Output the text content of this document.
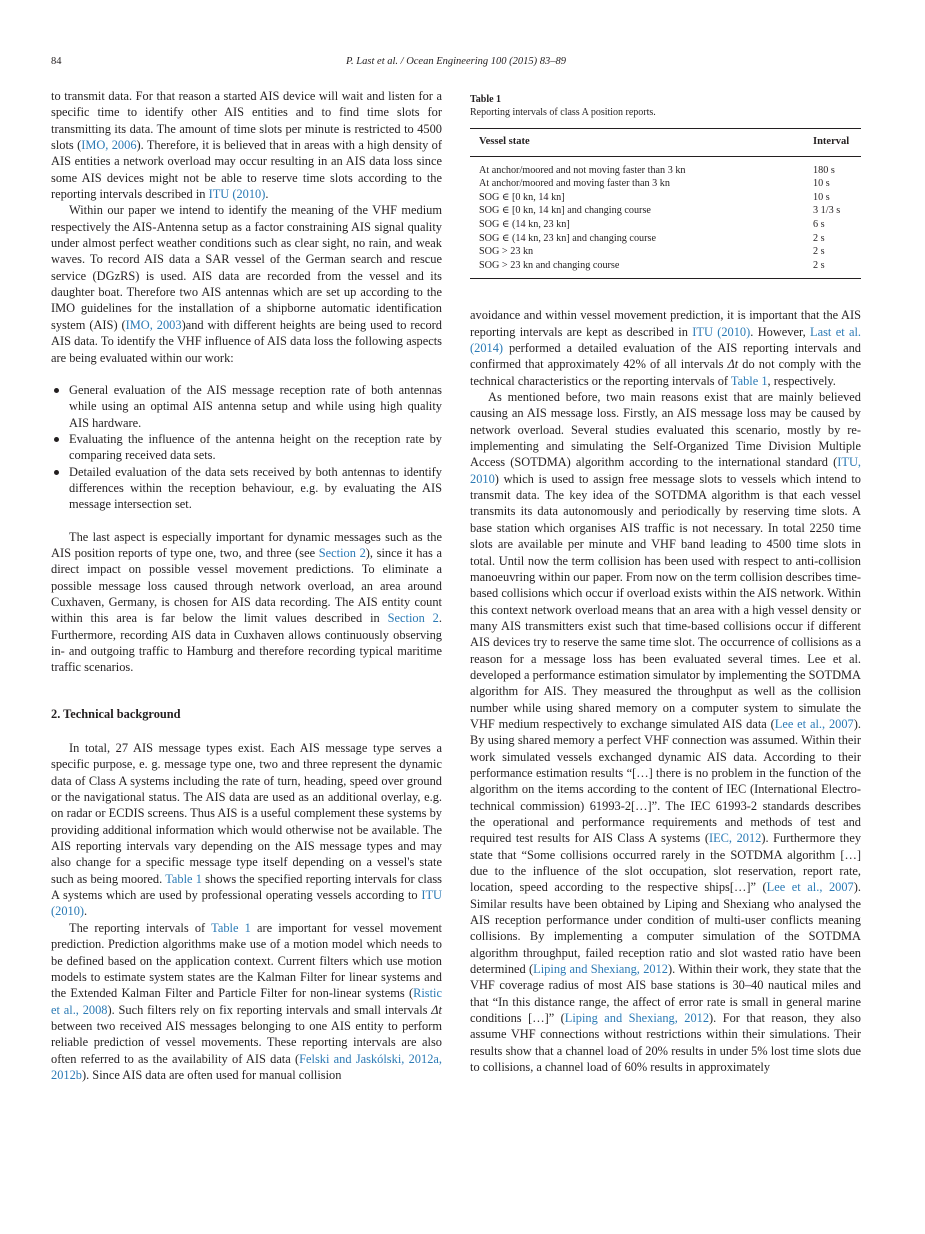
84	P. Last et al. / Ocean Engineering 100 (2015) 83–89

to transmit data. For that reason a started AIS device will wait and listen for a specific time to identify other AIS entities and to find time slots for transmitting its data. The amount of time slots per minute is restricted to 4500 slots (IMO, 2006). Therefore, it is believed that in areas with a high density of AIS entities a network overload may occur resulting in an AIS data loss since some AIS devices might not be able to reserve time slots according to the reporting intervals described in ITU (2010).

Within our paper we intend to identify the meaning of the VHF medium respectively the AIS-Antenna setup as a factor constraining AIS signal quality under almost perfect weather conditions such as clear sight, no rain, and weak waves. To record AIS data a SAR vessel of the German search and rescue service (DGzRS) is used. AIS data are recorded from the vessel and its daughter boat. Therefore two AIS antennas which are set up according to the IMO guidelines for the installation of a shipborne automatic identification system (AIS) (IMO, 2003)and with different heights are being used to record AIS data. To identify the VHF influence of AIS data loss the following aspects are being evaluated within our work:

General evaluation of the AIS message reception rate of both antennas while using an optimal AIS antenna setup and while using high quality AIS hardware.
Evaluating the influence of the antenna height on the reception rate by comparing received data sets.
Detailed evaluation of the data sets received by both antennas to identify differences within the reception behaviour, e.g. by evaluating the AIS message intersection set.

The last aspect is especially important for dynamic messages such as the AIS position reports of type one, two, and three (see Section 2), since it has a direct impact on possible vessel movement predictions. To eliminate a possible message loss caused through network overload, an area around Cuxhaven, Germany, is chosen for AIS data recording. The AIS entity count within this area is far below the limit values described in Section 2. Furthermore, recording AIS data in Cuxhaven allows continuously observing in- and outgoing traffic to Hamburg and therefore recording typical maritime traffic scenarios.

2. Technical background

In total, 27 AIS message types exist. Each AIS message type serves a specific purpose, e. g. message type one, two and three represent the dynamic data of Class A systems including the rate of turn, heading, speed over ground or the navigational status. The AIS data are used as an additional overlay, e.g. on radar or ECDIS screens. Thus AIS is a useful complement these systems by providing additional information which would otherwise not be available. The AIS reporting intervals vary depending on the AIS message types and may also change for a specific message type itself depending on a vessel's state such as being moored. Table 1 shows the specified reporting intervals for class A systems which are used by professional operating vessels according to ITU (2010).

The reporting intervals of Table 1 are important for vessel movement prediction. Prediction algorithms make use of a motion model which needs to be defined based on the application context. Current filters which use motion models to estimate system states are the Kalman Filter for linear systems and the Extended Kalman Filter and Particle Filter for non-linear systems (Ristic et al., 2008). Such filters rely on fix reporting intervals and small intervals Δt between two received AIS messages belonging to one AIS entity to perform reliable prediction of vessel movements. These reporting intervals are also often referred to as the availability of AIS data (Felski and Jaskólski, 2012a, 2012b). Since AIS data are often used for manual collision

Table 1
Reporting intervals of class A position reports.
Vessel state	Interval
At anchor/moored and not moving faster than 3 kn	180 s
At anchor/moored and moving faster than 3 kn	10 s
SOG ∈ [0 kn, 14 kn]	10 s
SOG ∈ [0 kn, 14 kn] and changing course	3 1/3 s
SOG ∈ (14 kn, 23 kn]	6 s
SOG ∈ (14 kn, 23 kn] and changing course	2 s
SOG > 23 kn	2 s
SOG > 23 kn and changing course	2 s

avoidance and within vessel movement prediction, it is important that the AIS reporting intervals are kept as described in ITU (2010). However, Last et al. (2014) performed a detailed evaluation of the AIS reporting intervals and confirmed that approximately 42% of all intervals Δt do not comply with the technical characteristics or the reporting intervals of Table 1, respectively.

As mentioned before, two main reasons exist that are mainly believed causing an AIS message loss. Firstly, an AIS message loss may be caused by network overload. Several studies evaluated this scenario, mostly by re-implementing and simulating the Self-Organized Time Division Multiple Access (SOTDMA) algorithm according to the international standard (ITU, 2010) which is used to assign free message slots to vessels which intend to transmit data. The key idea of the SOTDMA algorithm is that each vessel transmits its data autonomously and periodically by reserving time slots. A base station which organises AIS traffic is not necessary. In total 2250 time slots are available per minute and VHF band leading to 4500 time slots in total. Until now the term collision has been used with respect to anti-collision manoeuvring within our paper. From now on the term collision describes time-based collisions which occur if overload exists within the AIS network. Within this context network overload means that an area with a high vessel density or many AIS transmitters exist such that time-based collisions occur if different AIS devices try to reserve the same time slot. The occurrence of collisions as a reason for a message loss has been evaluated several times. Lee et al. developed a performance estimation simulator by implementing the SOTDMA algorithm for AIS. They measured the throughput as well as the collision number while using shared memory on a computer system to simulate the VHF medium respectively to exchange simulated AIS data (Lee et al., 2007). By using shared memory a perfect VHF connection was assumed. Within their work simulated vessels exchanged dynamic AIS data. According to their performance estimation results “[…] there is no problem in the function of the algorithm on the items according to the content of IEC (International Electro-technical commission) 61993-2[…]”. The IEC 61993-2 standards describes the operational and performance requirements and methods of test and required test results for AIS Class A systems (IEC, 2012). Furthermore they state that “Some collisions occurred rarely in the SOTDMA algorithm […] due to the influence of the slot occupation, slot reservation, report rate, location, speed according to the respective ships[…]” (Lee et al., 2007). Similar results have been obtained by Liping and Shexiang who analysed the AIS reception performance under condition of multi-user conflicts meaning collisions. By implementing a computer simulation of the SOTDMA algorithm throughput, failed reception ratio and slot wasted ratio have been determined (Liping and Shexiang, 2012). Within their work, they state that the VHF coverage radius of most AIS base stations is 30–40 nautical miles and that “In this distance range, the affect of error rate is small in general marine conditions […]” (Liping and Shexiang, 2012). For that reason, they also assume VHF connections without restrictions within their simulations. Their results show that a channel load of 20% results in under 5% lost time slots due to collisions, a channel load of 60% results in approximately
